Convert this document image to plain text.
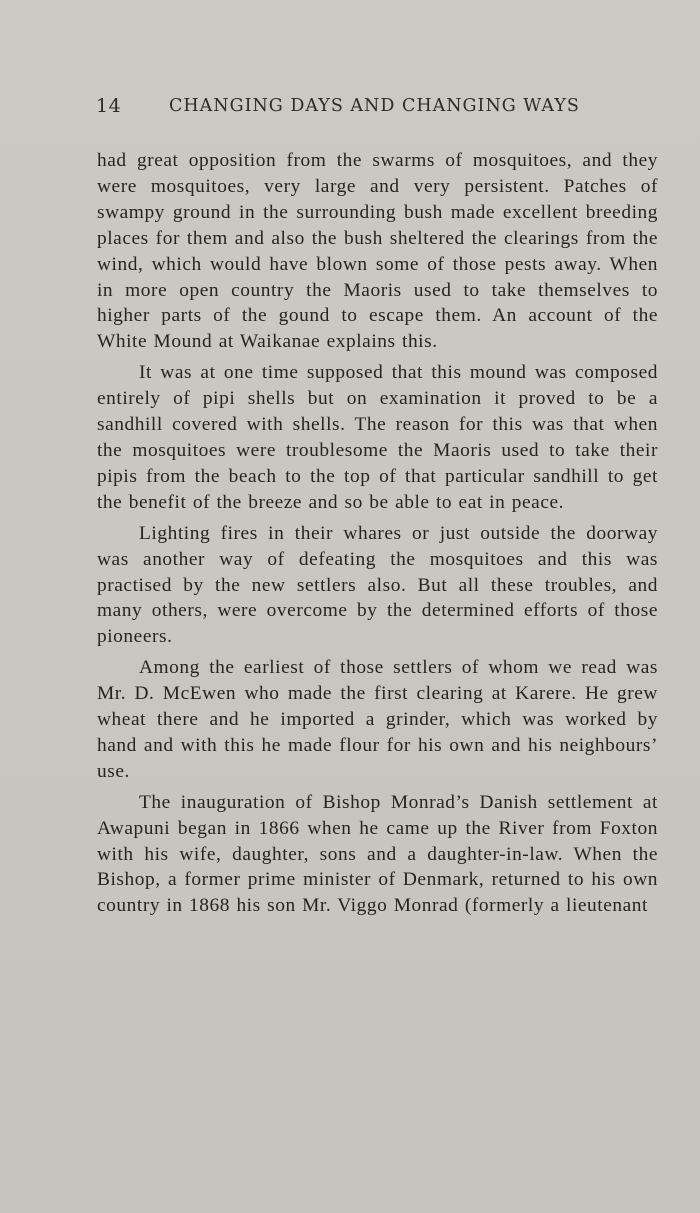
14	CHANGING DAYS AND CHANGING WAYS

had great opposition from the swarms of mosquitoes, and they were mosquitoes, very large and very persistent. Patches of swampy ground in the surrounding bush made excellent breeding places for them and also the bush sheltered the clearings from the wind, which would have blown some of those pests away. When in more open country the Maoris used to take themselves to higher parts of the gound to escape them. An account of the White Mound at Waikanae explains this.

It was at one time supposed that this mound was composed entirely of pipi shells but on examination it proved to be a sandhill covered with shells. The reason for this was that when the mosquitoes were troublesome the Maoris used to take their pipis from the beach to the top of that particular sandhill to get the benefit of the breeze and so be able to eat in peace.

Lighting fires in their whares or just outside the doorway was another way of defeating the mosquitoes and this was practised by the new settlers also. But all these troubles, and many others, were overcome by the determined efforts of those pioneers.

Among the earliest of those settlers of whom we read was Mr. D. McEwen who made the first clearing at Karere. He grew wheat there and he imported a grinder, which was worked by hand and with this he made flour for his own and his neighbours’ use.

The inauguration of Bishop Monrad’s Danish settlement at Awapuni began in 1866 when he came up the River from Foxton with his wife, daughter, sons and a daughter-in-law. When the Bishop, a former prime minister of Denmark, returned to his own country in 1868 his son Mr. Viggo Monrad (formerly a lieutenant
